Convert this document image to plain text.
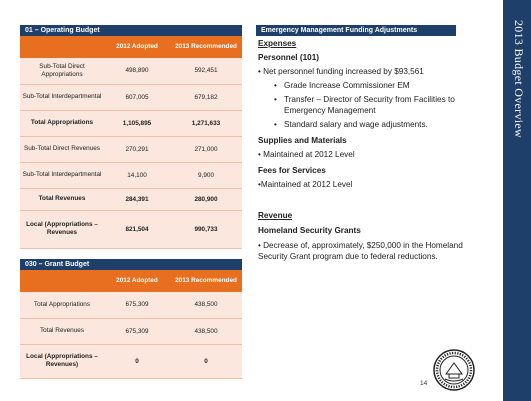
01 – Operating Budget
	2012 Adopted	2013 Recommended
Sub-Total Direct Appropriations	498,890	592,451
Sub-Total Interdepartmental	607,005	679,182
Total Appropriations	1,105,895	1,271,633
Sub-Total Direct Revenues	270,291	271,000
Sub-Total Interdepartmental	14,100	9,900
Total Revenues	284,391	280,900
Local (Appropriations – Revenues	821,504	990,733
030 – Grant Budget
	2012 Adopted	2013 Recommended
Total Appropriations	675,309	438,500
Total Revenues	675,309	438,500
Local (Appropriations – Revenues)	0	0
Emergency Management Funding Adjustments
Expenses
Personnel (101)
• Net personnel funding increased by $93,561
• Grade Increase Commissioner EM
• Transfer – Director of Security from Facilities to Emergency Management
• Standard salary and wage adjustments.
Supplies and Materials
• Maintained at 2012 Level
Fees for Services
•Maintained at 2012 Level
Revenue
Homeland Security Grants
• Decrease of, approximately, $250,000 in the Homeland Security Grant program due to federal reductions.
14
2013 Budget Overview
